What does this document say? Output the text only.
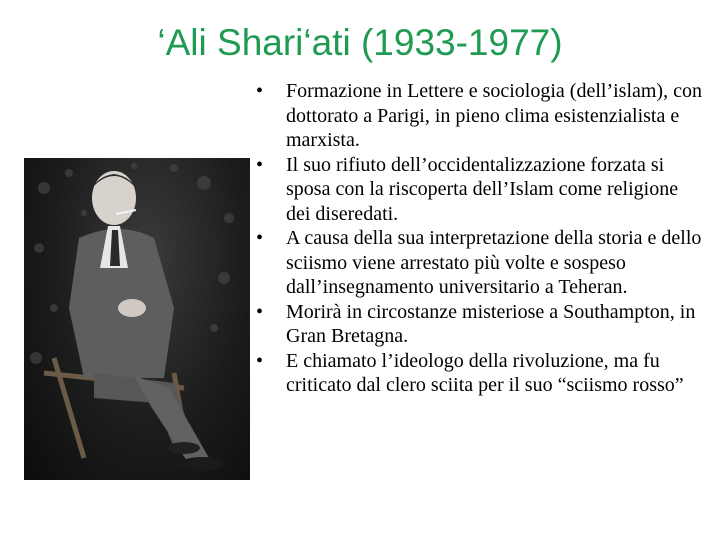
‘Ali Shari‘ati (1933-1977)
• Formazione in Lettere e sociologia (dell’islam), con dottorato a Parigi, in pieno clima esistenzialista e marxista.
• Il suo rifiuto dell’occidentalizzazione forzata si sposa con la riscoperta dell’Islam come religione dei diseredati.
• A causa della sua interpretazione della storia e dello sciismo viene arrestato più volte e sospeso dall’insegnamento universitario a Teheran.
• Morirà in circostanze misteriose a Southampton, in Gran Bretagna.
• E chiamato l’ideologo della rivoluzione, ma fu criticato dal clero sciita per il suo “sciismo rosso”
